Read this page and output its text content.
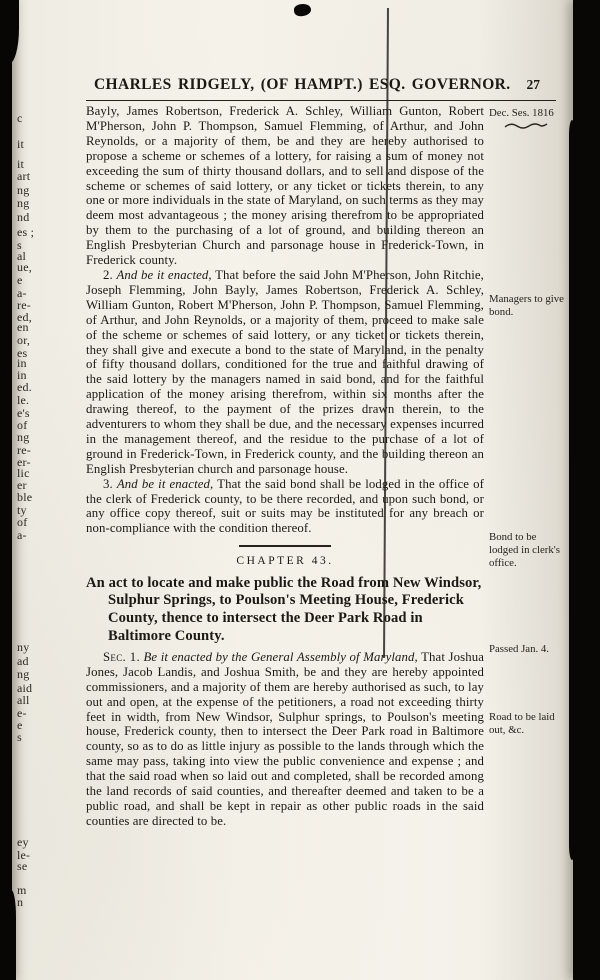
c
it
it
art
ng
ng
nd
es ;
s
al
ue,
e
a-
re-
ed,
en
or,
es
in
in
ed.
le.
e's
of
ng
re-
er-
lic
er
ble
ty
of
a-
ny
ad
ng
aid
all
e-
e
s
ey
le-
se
m
n
CHARLES RIDGELY, (OF HAMPT.) ESQ. GOVERNOR.	27

Bayly, James Robertson, Frederick A. Schley, William Gunton, Robert M'Pherson, John P. Thompson, Samuel Flemming, of Arthur, and John Reynolds, or a majority of them, be and they are hereby authorised to propose a scheme or schemes of a lottery, for raising a sum of money not exceeding the sum of thirty thousand dollars, and to sell and dispose of the scheme or schemes of said lottery, or any ticket or tickets therein, to any one or more individuals in the state of Maryland, on such terms as they may deem most advantageous ; the money arising therefrom to be appropriated by them to the purchasing of a lot of ground, and building thereon an English Presbyterian Church and parsonage house in Frederick-Town, in Frederick county.

2. And be it enacted, That before the said John M'Pherson, John Ritchie, Joseph Flemming, John Bayly, James Robertson, Frederick A. Schley, William Gunton, Robert M'Pherson, John P. Thompson, Samuel Flemming, of Arthur, and John Reynolds, or a majority of them, proceed to make sale of the scheme or schemes of said lottery, or any ticket or tickets therein, they shall give and execute a bond to the state of Maryland, in the penalty of fifty thousand dollars, conditioned for the true and faithful drawing of the said lottery by the managers named in said bond, and for the faithful application of the money arising therefrom, within six months after the drawing thereof, to the payment of the prizes drawn therein, to the adventurers to whom they shall be due, and the necessary expenses incurred in the management thereof, and the residue to the purchase of a lot of ground in Frederick-Town, in Frederick county, and the building thereon an English Presbyterian church and parsonage house.

3. And be it enacted, That the said bond shall be lodged in the office of the clerk of Frederick county, to be there recorded, and upon such bond, or any office copy thereof, suit or suits may be instituted for any breach or non-compliance with the condition thereof.

CHAPTER 43.

An act to locate and make public the Road from New Windsor, Sulphur Springs, to Poulson's Meeting House, Frederick County, thence to intersect the Deer Park Road in Baltimore County.

Sec. 1. Be it enacted by the General Assembly of Maryland, That Joshua Jones, Jacob Landis, and Joshua Smith, be and they are hereby appointed commissioners, and a majority of them are hereby authorised as such, to lay out and open, at the expense of the petitioners, a road not exceeding thirty feet in width, from New Windsor, Sulphur springs, to Poulson's meeting house, Frederick county, then to intersect the Deer Park road in Baltimore county, so as to do as little injury as possible to the lands through which the same may pass, taking into view the public convenience and expense ; and that the said road when so laid out and completed, shall be recorded among the land records of said counties, and thereafter deemed and taken to be a public road, and shall be kept in repair as other public roads in the said counties are directed to be.

Dec. Ses. 1816
Managers to give bond.
Bond to be lodged in clerk's office.
Passed Jan. 4.
Road to be laid out, &c.
